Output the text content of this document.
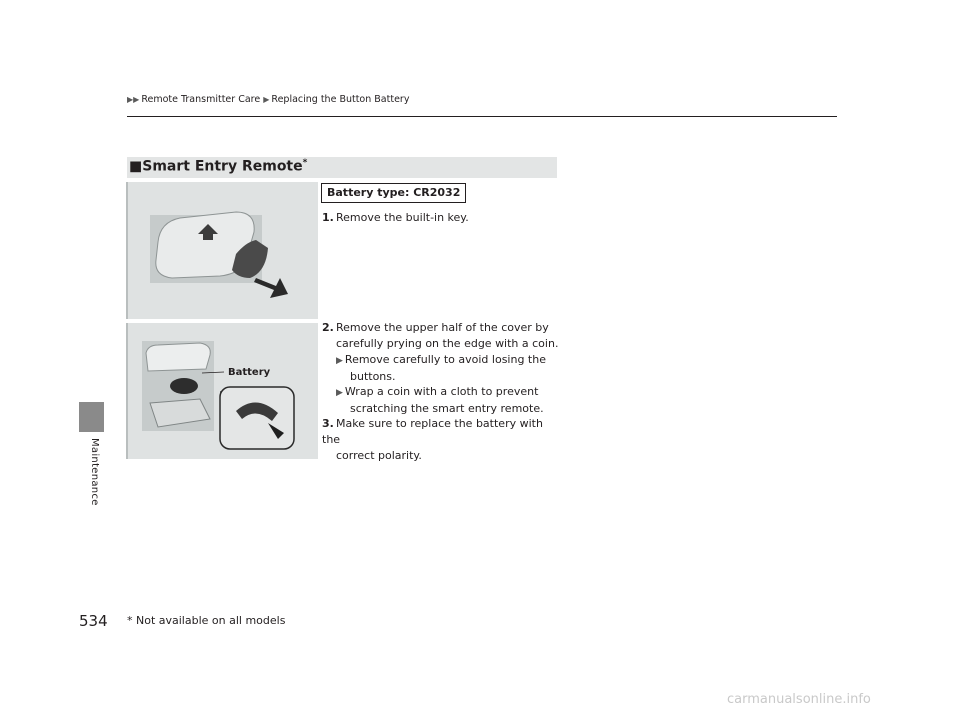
▶▶ Remote Transmitter Care ▶ Replacing the Button Battery
Maintenance
■Smart Entry Remote*
Battery
Battery type: CR2032
1. Remove the built-in key.
2. Remove the upper half of the cover by
carefully prying on the edge with a coin.
▶ Remove carefully to avoid losing the
buttons.
▶ Wrap a coin with a cloth to prevent
scratching the smart entry remote.
3. Make sure to replace the battery with the
correct polarity.
534 * Not available on all models
carmanualsonline.info
